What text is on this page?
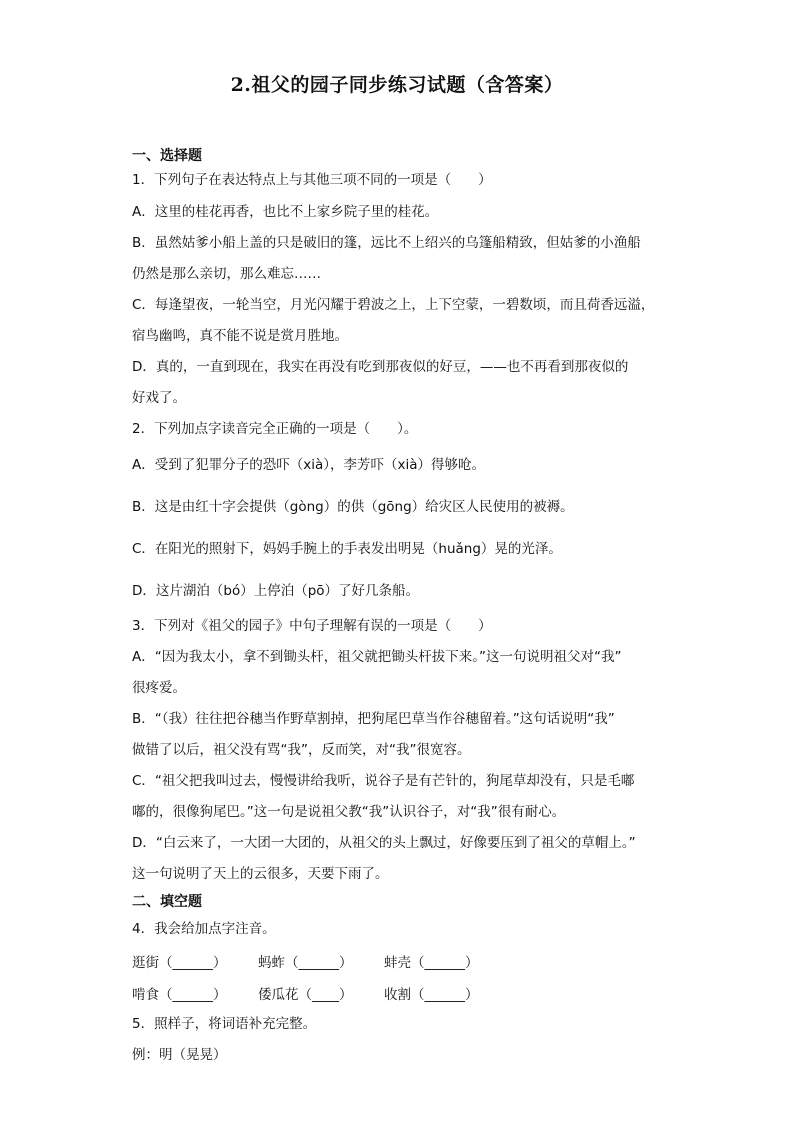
2.祖父的园子同步练习试题（含答案）
一、选择题
1．下列句子在表达特点上与其他三项不同的一项是（　　）
A．这里的桂花再香，也比不上家乡院子里的桂花。
B．虽然姑爹小船上盖的只是破旧的篷，远比不上绍兴的乌篷船精致，但姑爹的小渔船
仍然是那么亲切，那么难忘……
C．每逢望夜，一轮当空，月光闪耀于碧波之上，上下空蒙，一碧数顷，而且荷香远溢，
宿鸟幽鸣，真不能不说是赏月胜地。
D．真的，一直到现在，我实在再没有吃到那夜似的好豆，——也不再看到那夜似的
好戏了。
2．下列加点字读音完全正确的一项是（　　）。
A．受到了犯罪分子的恐吓（xià），李芳吓（xià）得够呛。
B．这是由红十字会提供（gòng）的供（gōng）给灾区人民使用的被褥。
C．在阳光的照射下，妈妈手腕上的手表发出明晃（huǎng）晃的光泽。
D．这片湖泊（bó）上停泊（pō）了好几条船。
3．下列对《祖父的园子》中句子理解有误的一项是（　　）
A．“因为我太小，拿不到锄头杆，祖父就把锄头杆拔下来。”这一句说明祖父对“我”
很疼爱。
B．“（我）往往把谷穗当作野草割掉，把狗尾巴草当作谷穗留着。”这句话说明“我”
做错了以后，祖父没有骂“我”，反而笑，对“我”很宽容。
C．“祖父把我叫过去，慢慢讲给我听，说谷子是有芒针的，狗尾草却没有，只是毛嘟
嘟的，很像狗尾巴。”这一句是说祖父教“我”认识谷子，对“我”很有耐心。
D．“白云来了，一大团一大团的，从祖父的头上飘过，好像要压到了祖父的草帽上。”
这一句说明了天上的云很多，天要下雨了。
二、填空题
4．我会给加点字注音。
逛街（______） 蚂蚱（______） 蚌壳（______）
啃食（______） 倭瓜花（____） 收割（______）
5．照样子，将词语补充完整。
例：明（晃晃）
